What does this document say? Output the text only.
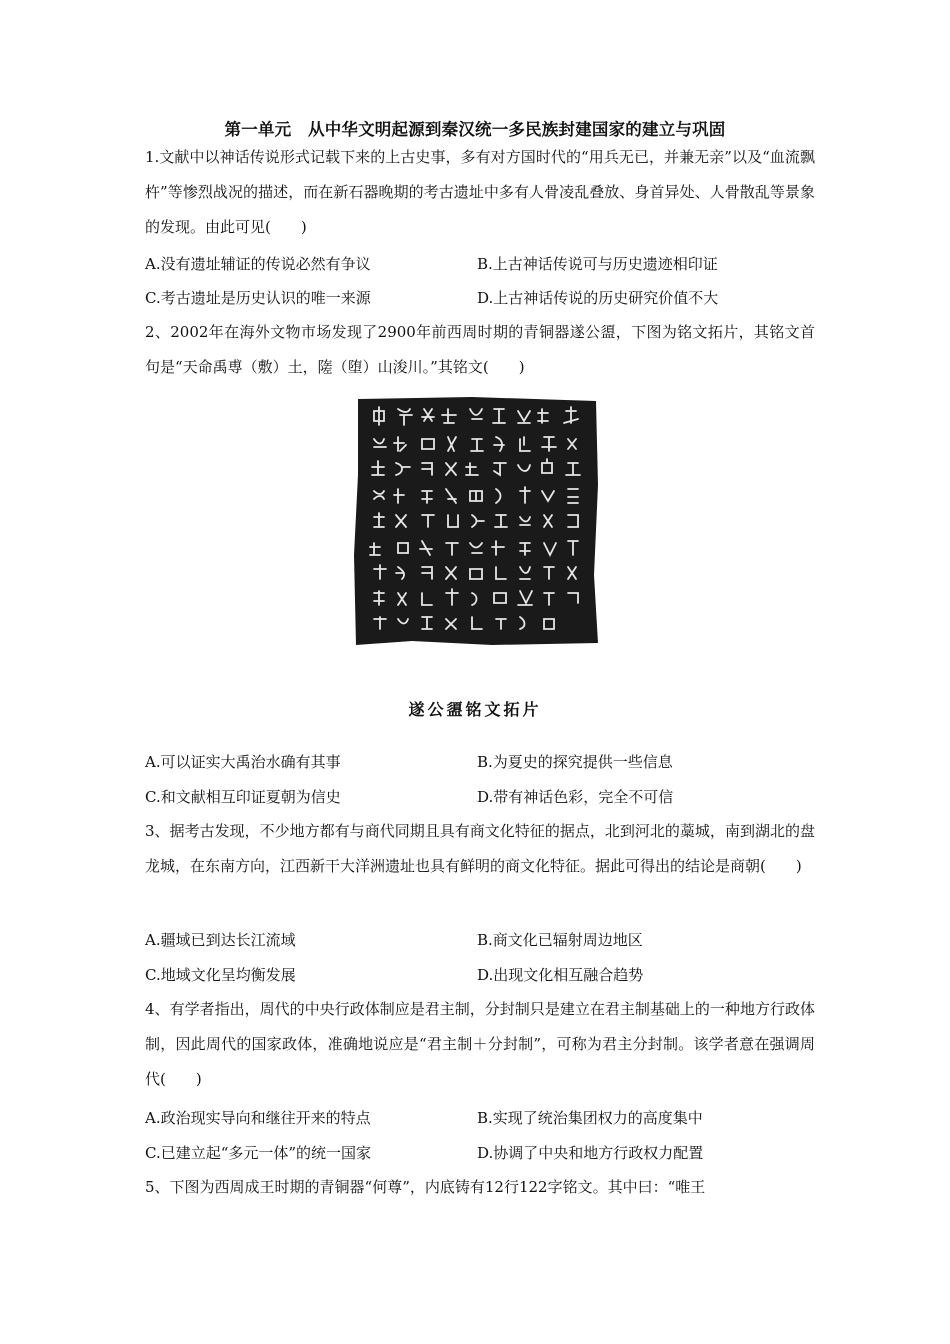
第一单元　从中华文明起源到秦汉统一多民族封建国家的建立与巩固
1.文献中以神话传说形式记载下来的上古史事，多有对方国时代的“用兵无已，并兼无亲”以及“血流飘杵”等惨烈战况的描述，而在新石器晚期的考古遗址中多有人骨凌乱叠放、身首异处、人骨散乱等景象的发现。由此可见(　　)
A.没有遗址辅证的传说必然有争议	B.上古神话传说可与历史遗迹相印证
C.考古遗址是历史认识的唯一来源	D.上古神话传说的历史研究价值不大
2、2002年在海外文物市场发现了2900年前西周时期的青铜器遂公盨，下图为铭文拓片，其铭文首句是“天命禹尃（敷）土，隓（堕）山浚川。”其铭文(　　)
遂公盨铭文拓片
A.可以证实大禹治水确有其事	B.为夏史的探究提供一些信息
C.和文献相互印证夏朝为信史	D.带有神话色彩，完全不可信
3、据考古发现，不少地方都有与商代同期且具有商文化特征的据点，北到河北的藁城，南到湖北的盘龙城，在东南方向，江西新干大洋洲遗址也具有鲜明的商文化特征。据此可得出的结论是商朝(　　)
A.疆域已到达长江流域	B.商文化已辐射周边地区
C.地域文化呈均衡发展	D.出现文化相互融合趋势
4、有学者指出，周代的中央行政体制应是君主制，分封制只是建立在君主制基础上的一种地方行政体制，因此周代的国家政体，准确地说应是“君主制＋分封制”，可称为君主分封制。该学者意在强调周代(　　)
A.政治现实导向和继往开来的特点	B.实现了统治集团权力的高度集中
C.已建立起“多元一体”的统一国家	D.协调了中央和地方行政权力配置
5、下图为西周成王时期的青铜器“何尊”，内底铸有12行122字铭文。其中曰：“唯王
